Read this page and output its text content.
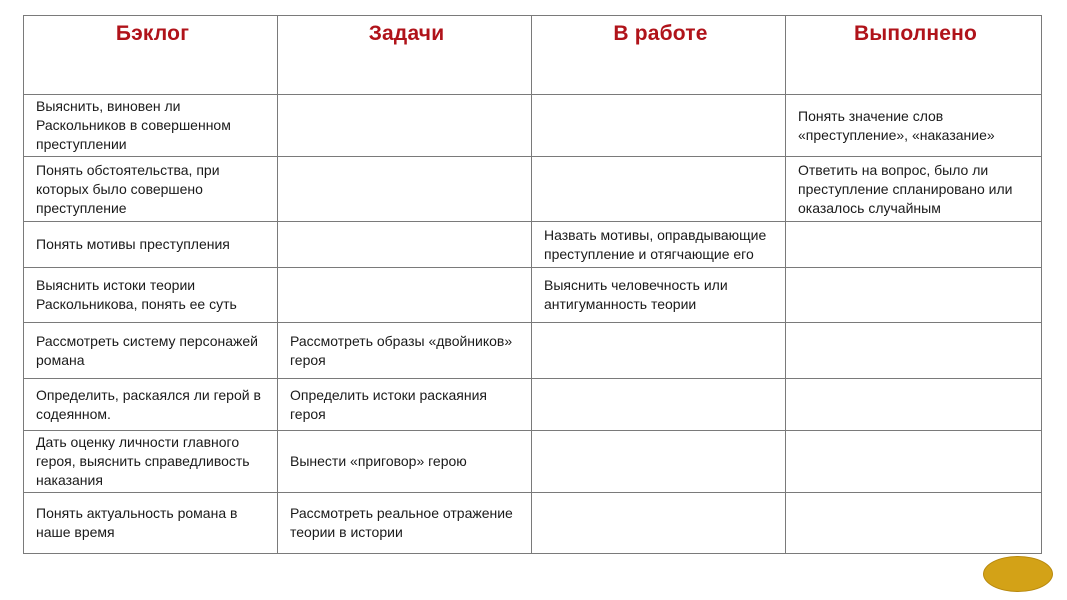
Бэклог	Задачи	В работе	Выполнено

Выяснить, виновен ли Раскольников в совершенном преступлении			Понять значение слов «преступление», «наказание»

Понять обстоятельства, при которых было совершено преступление			Ответить на вопрос, было ли преступление спланировано или оказалось случайным

Понять мотивы преступления		Назвать мотивы, оправдывающие преступление и отягчающие его	

Выяснить истоки теории Раскольникова, понять ее суть		Выяснить человечность или антигуманность теории	

Рассмотреть систему персонажей романа	Рассмотреть образы «двойников» героя		

Определить, раскаялся ли герой в содеянном.	Определить истоки раскаяния героя		

Дать оценку личности главного героя, выяснить справедливость наказания	Вынести «приговор» герою		

Понять актуальность романа в наше время	Рассмотреть реальное отражение теории в истории		
